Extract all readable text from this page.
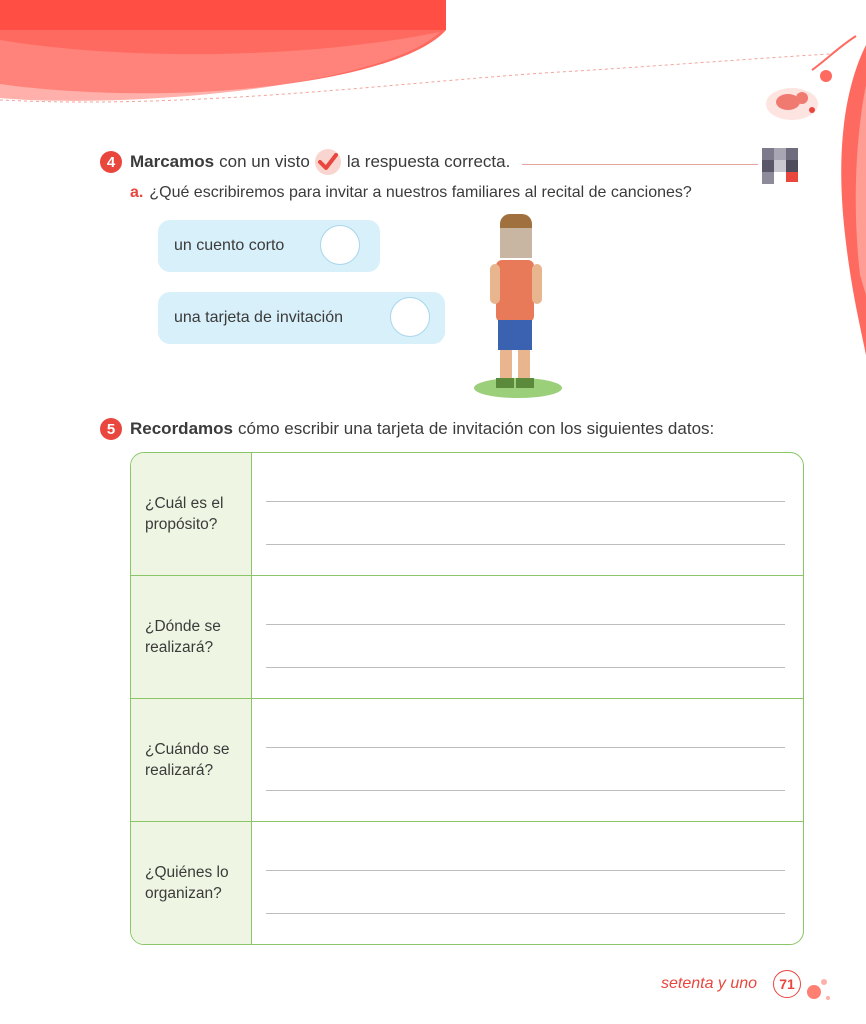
4 Marcamos con un visto la respuesta correcta.
a. ¿Qué escribiremos para invitar a nuestros familiares al recital de canciones?
un cuento corto
una tarjeta de invitación
5 Recordamos cómo escribir una tarjeta de invitación con los siguientes datos:
¿Cuál es el
propósito?
¿Dónde se
realizará?
¿Cuándo se
realizará?
¿Quiénes lo
organizan?
setenta y uno	71
